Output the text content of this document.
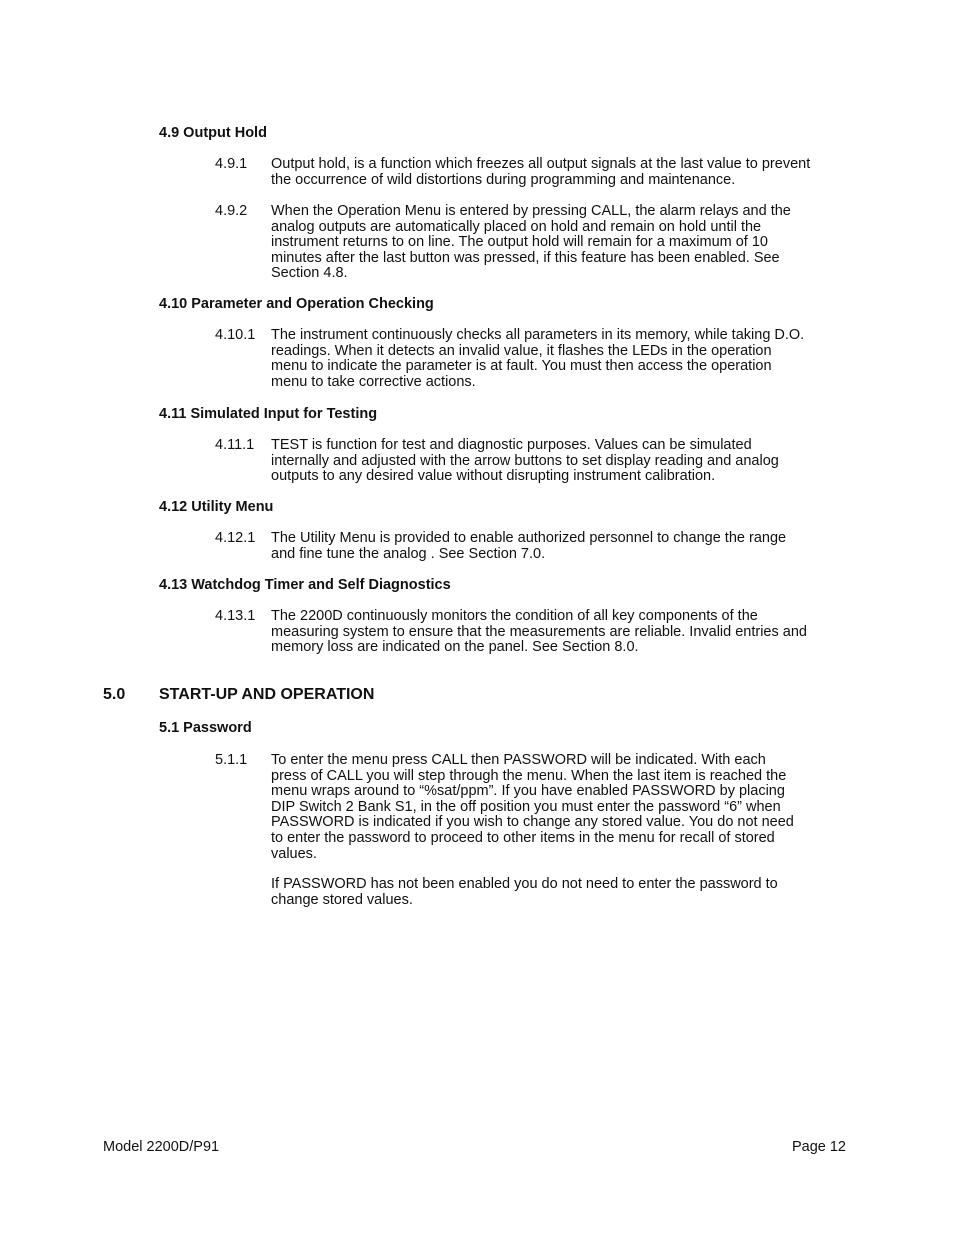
4.9 Output Hold
4.9.1 Output hold, is a function which freezes all output signals at the last value to prevent
the occurrence of wild distortions during programming and maintenance.
4.9.2 When the Operation Menu is entered by pressing CALL, the alarm relays and the
analog outputs are automatically placed on hold and remain on hold until the
instrument returns to on line. The output hold will remain for a maximum of 10
minutes after the last button was pressed, if this feature has been enabled. See
Section 4.8.
4.10 Parameter and Operation Checking
4.10.1 The instrument continuously checks all parameters in its memory, while taking D.O.
readings. When it detects an invalid value, it flashes the LEDs in the operation
menu to indicate the parameter is at fault. You must then access the operation
menu to take corrective actions.
4.11 Simulated Input for Testing
4.11.1 TEST is function for test and diagnostic purposes. Values can be simulated
internally and adjusted with the arrow buttons to set display reading and analog
outputs to any desired value without disrupting instrument calibration.
4.12 Utility Menu
4.12.1 The Utility Menu is provided to enable authorized personnel to change the range
and fine tune the analog . See Section 7.0.
4.13 Watchdog Timer and Self Diagnostics
4.13.1 The 2200D continuously monitors the condition of all key components of the
measuring system to ensure that the measurements are reliable. Invalid entries and
memory loss are indicated on the panel. See Section 8.0.
5.0 START-UP AND OPERATION
5.1 Password
5.1.1 To enter the menu press CALL then PASSWORD will be indicated. With each
press of CALL you will step through the menu. When the last item is reached the
menu wraps around to “%sat/ppm”. If you have enabled PASSWORD by placing
DIP Switch 2 Bank S1, in the off position you must enter the password “6” when
PASSWORD is indicated if you wish to change any stored value. You do not need
to enter the password to proceed to other items in the menu for recall of stored
values.
If PASSWORD has not been enabled you do not need to enter the password to
change stored values.
Model 2200D/P91	Page 12
